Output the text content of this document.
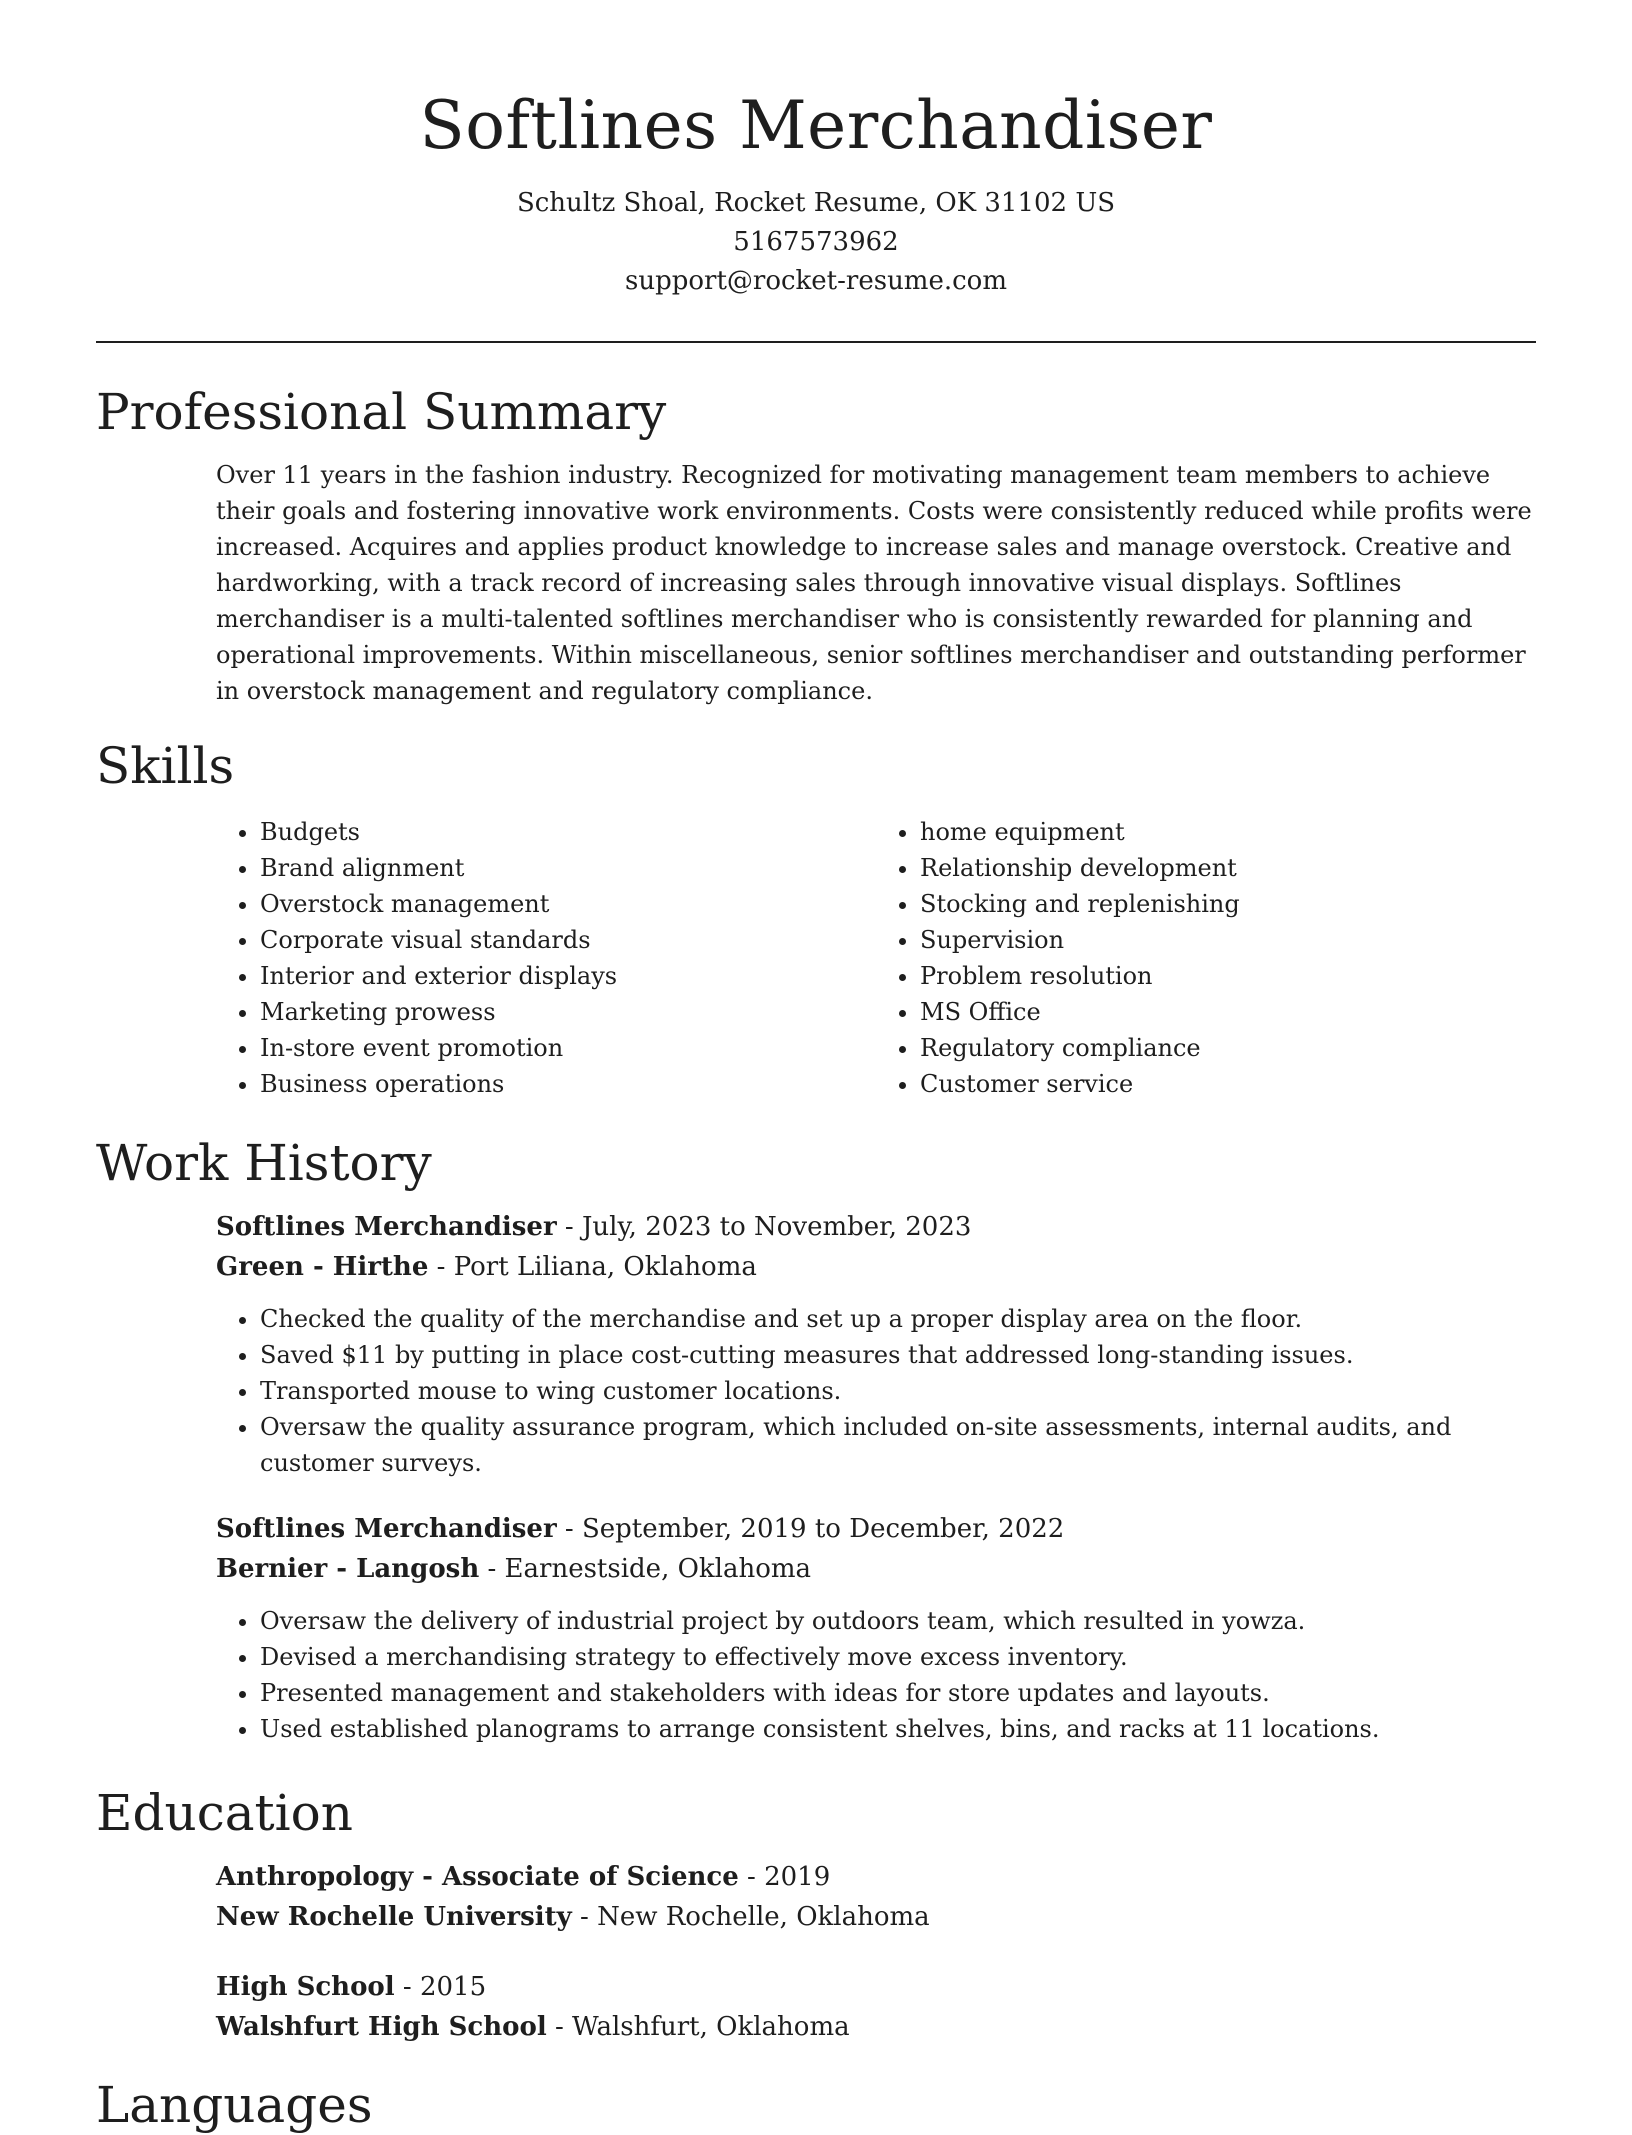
Softlines Merchandiser
Schultz Shoal, Rocket Resume, OK 31102 US
5167573962
support@rocket-resume.com
Professional Summary
Over 11 years in the fashion industry. Recognized for motivating management team members to achieve their goals and fostering innovative work environments. Costs were consistently reduced while profits were increased. Acquires and applies product knowledge to increase sales and manage overstock. Creative and hardworking, with a track record of increasing sales through innovative visual displays. Softlines merchandiser is a multi-talented softlines merchandiser who is consistently rewarded for planning and operational improvements. Within miscellaneous, senior softlines merchandiser and outstanding performer in overstock management and regulatory compliance.
Skills
• Budgets
• Brand alignment
• Overstock management
• Corporate visual standards
• Interior and exterior displays
• Marketing prowess
• In-store event promotion
• Business operations
• home equipment
• Relationship development
• Stocking and replenishing
• Supervision
• Problem resolution
• MS Office
• Regulatory compliance
• Customer service
Work History
Softlines Merchandiser - July, 2023 to November, 2023
Green - Hirthe - Port Liliana, Oklahoma
• Checked the quality of the merchandise and set up a proper display area on the floor.
• Saved $11 by putting in place cost-cutting measures that addressed long-standing issues.
• Transported mouse to wing customer locations.
• Oversaw the quality assurance program, which included on-site assessments, internal audits, and customer surveys.
Softlines Merchandiser - September, 2019 to December, 2022
Bernier - Langosh - Earnestside, Oklahoma
• Oversaw the delivery of industrial project by outdoors team, which resulted in yowza.
• Devised a merchandising strategy to effectively move excess inventory.
• Presented management and stakeholders with ideas for store updates and layouts.
• Used established planograms to arrange consistent shelves, bins, and racks at 11 locations.
Education
Anthropology - Associate of Science - 2019
New Rochelle University - New Rochelle, Oklahoma
High School - 2015
Walshfurt High School - Walshfurt, Oklahoma
Languages
